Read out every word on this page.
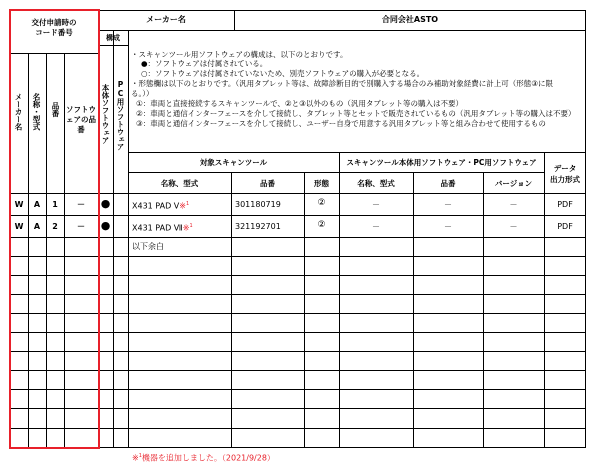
交付申請時の
コード番号
メーカー名	合同会社ASTO
構成
メーカー名 名称・型式 品番 ソフトウェアの品番	本体ソフトウェア PC用ソフトウェア
・スキャンツール用ソフトウェアの構成は、以下のとおりです。
●：ソフトウェアは付属されている。
○：ソフトウェアは付属されていないため、別売ソフトウェアの購入が必要となる。
・形態欄は以下のとおりです。（汎用タブレット等は、故障診断目的で別購入する場合のみ補助対象経費に計上可（形態③に限
る。））
①：車両と直接接続するスキャンツールで、②と③以外のもの（汎用タブレット等の購入は不要）
②：車両と通信インターフェースを介して接続し、タブレット等とセットで販売されているもの（汎用タブレット等の購入は不要）
③：車両と通信インターフェースを介して接続し、ユーザー自身で用意する汎用タブレット等と組み合わせて使用するもの
対象スキャンツール	スキャンツール本体用ソフトウェア・PC用ソフトウェア
データ
出力形式
名称、型式	品番	形態	名称、型式	品番	バージョン
W	A	1	－	●	X431 PAD Ⅴ※$^1$	301180719	②	－	－	－	PDF
W	A	2	－	●	X431 PAD Ⅶ※$^1$	321192701	②	－	－	－	PDF
以下余白
※$^1$機器を追加しました。（2021/9/28）
